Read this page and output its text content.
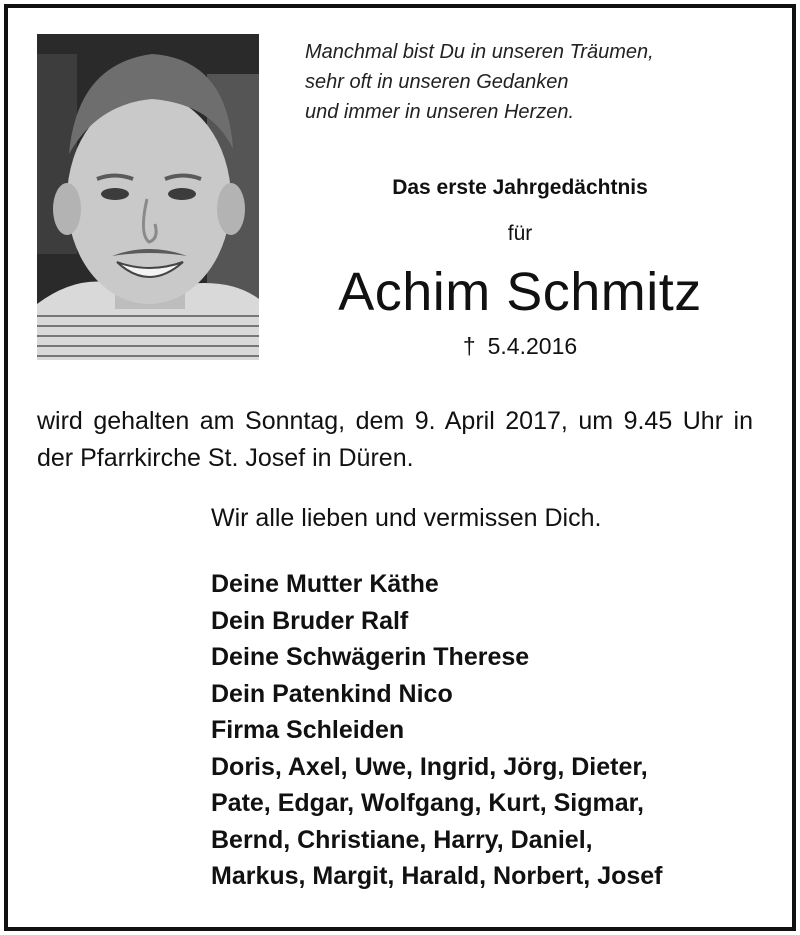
Manchmal bist Du in unseren Träumen,
sehr oft in unseren Gedanken
und immer in unseren Herzen.
Das erste Jahrgedächtnis
für
Achim Schmitz
† 5.4.2016
wird gehalten am Sonntag, dem 9. April 2017, um 9.45 Uhr in der Pfarrkirche St. Josef in Düren.
Wir alle lieben und vermissen Dich.
Deine Mutter Käthe
Dein Bruder Ralf
Deine Schwägerin Therese
Dein Patenkind Nico
Firma Schleiden
Doris, Axel, Uwe, Ingrid, Jörg, Dieter,
Pate, Edgar, Wolfgang, Kurt, Sigmar,
Bernd, Christiane, Harry, Daniel,
Markus, Margit, Harald, Norbert, Josef
